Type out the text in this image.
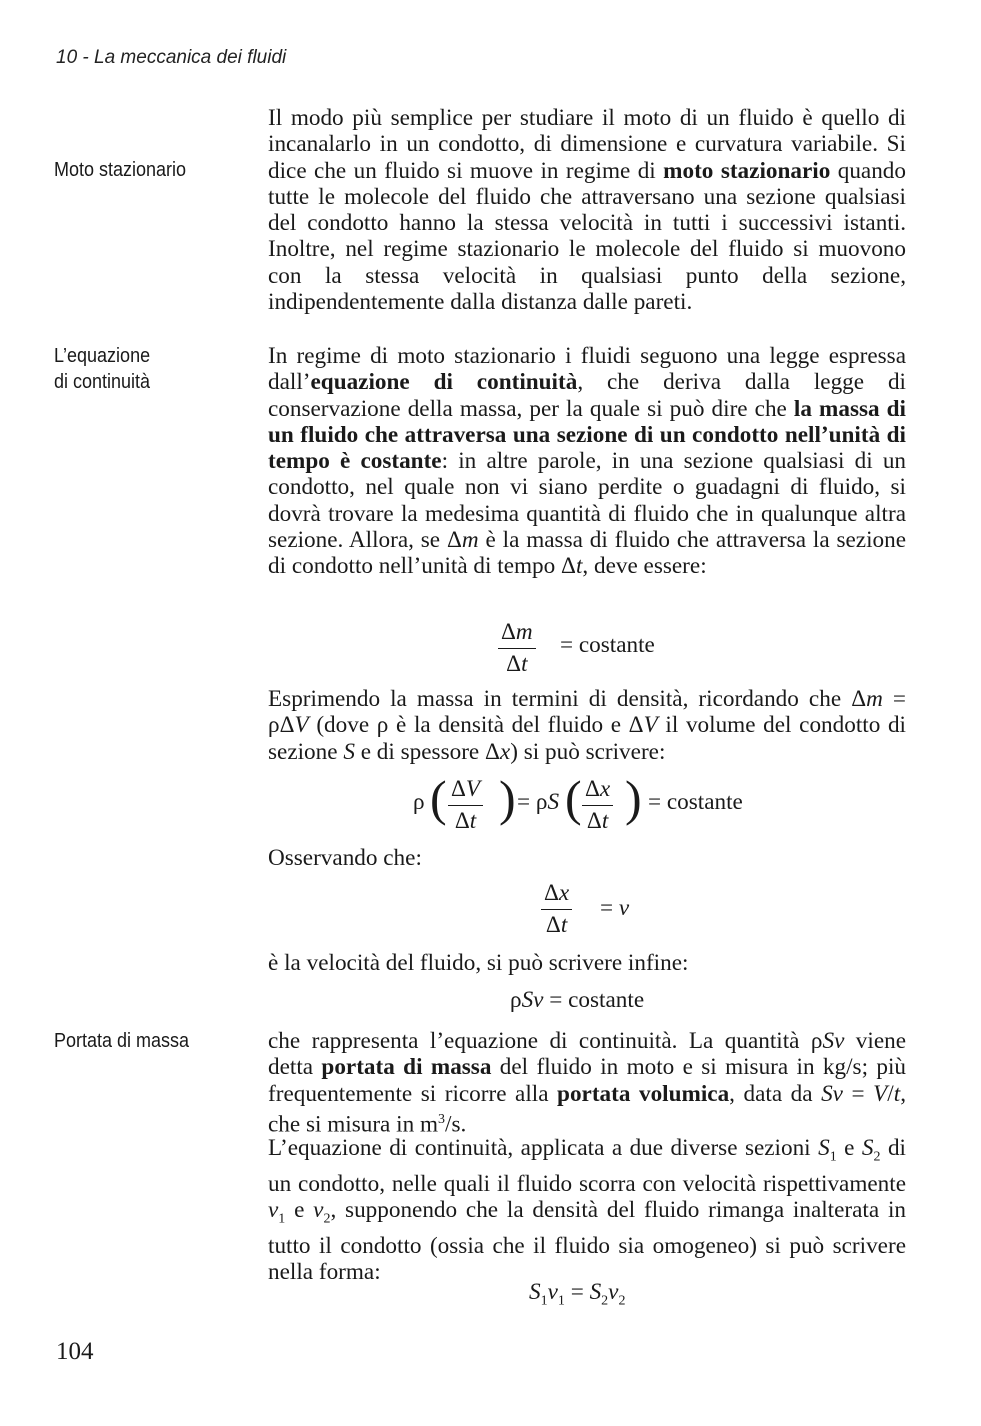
10 - La meccanica dei fluidi
Moto stazionario
L’equazione
di continuità
Portata di massa

Il modo più semplice per studiare il moto di un fluido è quello di incanalarlo in un condotto, di dimensione e curvatura variabile. Si dice che un fluido si muove in regime di moto stazionario quando tutte le molecole del fluido che attraversano una sezione qualsiasi del condotto hanno la stessa velocità in tutti i successivi istanti. Inoltre, nel regime stazionario le molecole del fluido si muovono con la stessa velocità in qualsiasi punto della sezione, indipendentemente dalla distanza dalle pareti.

In regime di moto stazionario i fluidi seguono una legge espressa dall’equazione di continuità, che deriva dalla legge di conservazione della massa, per la quale si può dire che la massa di un fluido che attraversa una sezione di un condotto nell’unità di tempo è costante: in altre parole, in una sezione qualsiasi di un condotto, nel quale non vi siano perdite o guadagni di fluido, si dovrà trovare la medesima quantità di fluido che in qualunque altra sezione. Allora, se Δm è la massa di fluido che attraversa la sezione di condotto nell’unità di tempo Δt, deve essere:

Δm
Δt
= costante

Esprimendo la massa in termini di densità, ricordando che Δm = ρΔV (dove ρ è la densità del fluido e ΔV il volume del condotto di sezione S e di spessore Δx) si può scrivere:

ρ ( ΔV
Δt ) = ρS ( Δx
Δt ) = costante

Osservando che:

Δx
Δt
= v

è la velocità del fluido, si può scrivere infine:

ρSv = costante

che rappresenta l’equazione di continuità. La quantità ρSv viene detta portata di massa del fluido in moto e si misura in kg/s; più frequentemente si ricorre alla portata volumica, data da Sv = V/t, che si misura in $m^3/s$.

L’equazione di continuità, applicata a due diverse sezioni $S_1$ e $S_2$ di un condotto, nelle quali il fluido scorra con velocità rispettivamente $v_1$ e $v_2$, supponendo che la densità del fluido rimanga inalterata in tutto il condotto (ossia che il fluido sia omogeneo) si può scrivere nella forma:

$S_1v_1 = S_2v_2$
104
